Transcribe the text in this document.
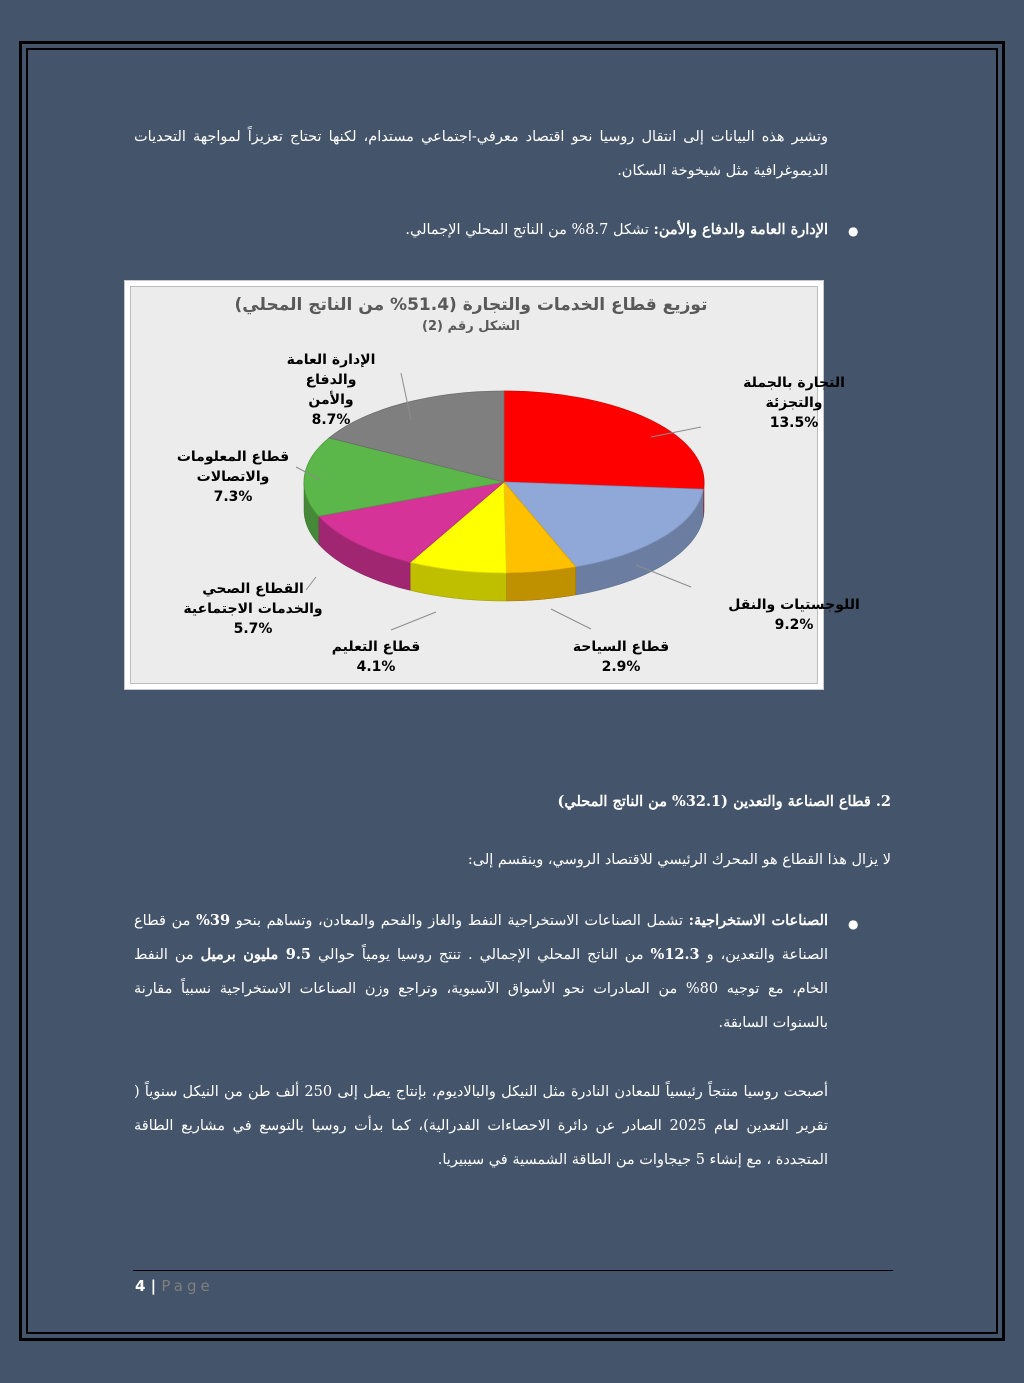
وتشير هذه البيانات إلى انتقال روسيا نحو اقتصاد معرفي-اجتماعي مستدام، لكنها تحتاج تعزيزاً لمواجهة التحديات
الديموغرافية مثل شيخوخة السكان.
●
الإدارة العامة والدفاع والأمن: تشكل 8.7% من الناتج المحلي الإجمالي.
توزيع قطاع الخدمات والتجارة (51.4% من الناتج المحلي)
الشكل رقم (2)
التجارة بالجملة
والتجزئة
13.5%
اللوجستيات والنقل
9.2%
قطاع السياحة
2.9%
قطاع التعليم
4.1%
القطاع الصحي
والخدمات الاجتماعية
5.7%
قطاع المعلومات
والاتصالات
7.3%
الإدارة العامة والدفاع
والأمن
8.7%
2. قطاع الصناعة والتعدين (32.1% من الناتج المحلي)
لا يزال هذا القطاع هو المحرك الرئيسي للاقتصاد الروسي، وينقسم إلى:
●
الصناعات الاستخراجية: تشمل الصناعات الاستخراجية النفط والغاز والفحم والمعادن، وتساهم بنحو 39% من قطاع الصناعة والتعدين، و 12.3% من الناتج المحلي الإجمالي . تنتج روسيا يومياً حوالي 9.5 مليون برميل من النفط الخام، مع توجيه 80% من الصادرات نحو الأسواق الآسيوية، وتراجع وزن الصناعات الاستخراجية نسبياً مقارنة بالسنوات السابقة.
أصبحت روسيا منتجاً رئيسياً للمعادن النادرة مثل النيكل والبالاديوم، بإنتاج يصل إلى 250 ألف طن من النيكل سنوياً ( تقرير التعدين لعام 2025 الصادر عن دائرة الاحصاءات الفدرالية)، كما بدأت روسيا بالتوسع في مشاريع الطاقة المتجددة ، مع إنشاء 5 جيجاوات من الطاقة الشمسية في سيبيريا.
4 | Page
